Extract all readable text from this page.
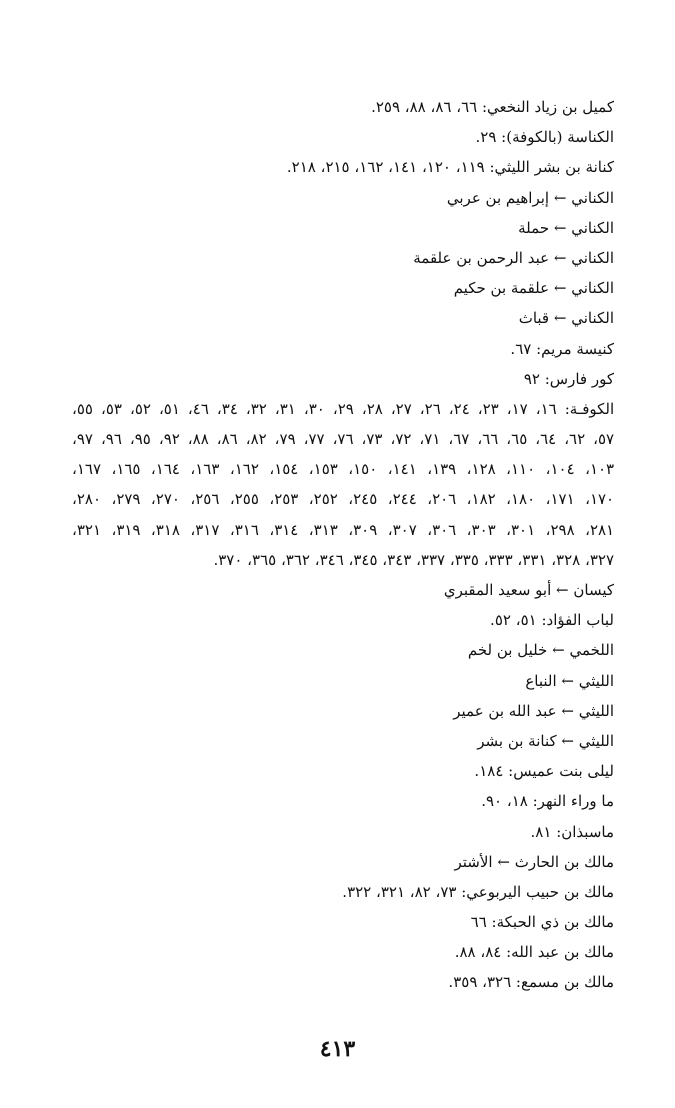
كميل بن زياد النخعي: ٦٦، ٨٦، ٨٨، ٢٥٩.
الكناسة (بالكوفة): ٢٩.
كنانة بن بشر الليثي: ١١٩، ١٢٠، ١٤١، ١٦٢، ٢١٥، ٢١٨.
الكناني ← إبراهيم بن عربي
الكناني ← حملة
الكناني ← عبد الرحمن بن علقمة
الكناني ← علقمة بن حكيم
الكناني ← قباث
كنيسة مريم: ٦٧.
كور فارس: ٩٢
الكوفـة: ١٦، ١٧، ٢٣، ٢٤، ٢٦، ٢٧، ٢٨، ٢٩، ٣٠، ٣١، ٣٢، ٣٤، ٤٦، ٥١، ٥٢، ٥٣، ٥٥،
٥٧، ٦٢، ٦٤، ٦٥، ٦٦، ٦٧، ٧١، ٧٢، ٧٣، ٧٦، ٧٧، ٧٩، ٨٢، ٨٦، ٨٨، ٩٢، ٩٥، ٩٦، ٩٧،
١٠٣، ١٠٤، ١١٠، ١٢٨، ١٣٩، ١٤١، ١٥٠، ١٥٣، ١٥٤، ١٦٢، ١٦٣، ١٦٤، ١٦٥، ١٦٧،
١٧٠، ١٧١، ١٨٠، ١٨٢، ٢٠٦، ٢٤٤، ٢٤٥، ٢٥٢، ٢٥٣، ٢٥٥، ٢٥٦، ٢٧٠، ٢٧٩، ٢٨٠،
٢٨١، ٢٩٨، ٣٠١، ٣٠٣، ٣٠٦، ٣٠٧، ٣٠٩، ٣١٣، ٣١٤، ٣١٦، ٣١٧، ٣١٨، ٣١٩، ٣٢١،
٣٢٧، ٣٢٨، ٣٣١، ٣٣٣، ٣٣٥، ٣٣٧، ٣٤٣، ٣٤٥، ٣٤٦، ٣٦٢، ٣٦٥، ٣٧٠.
كيسان ← أبو سعيد المقبري
لباب الفؤاد: ٥١، ٥٢.
اللخمي ← خليل بن لخم
الليثي ← النباع
الليثي ← عبد الله بن عمير
الليثي ← كنانة بن بشر
ليلى بنت عميس: ١٨٤.
ما وراء النهر: ١٨، ٩٠.
ماسبذان: ٨١.
مالك بن الحارث ← الأشتر
مالك بن حبيب اليربوعي: ٧٣، ٨٢، ٣٢١، ٣٢٢.
مالك بن ذي الحبكة: ٦٦
مالك بن عبد الله: ٨٤، ٨٨.
مالك بن مسمع: ٣٢٦، ٣٥٩.
٤١٣
